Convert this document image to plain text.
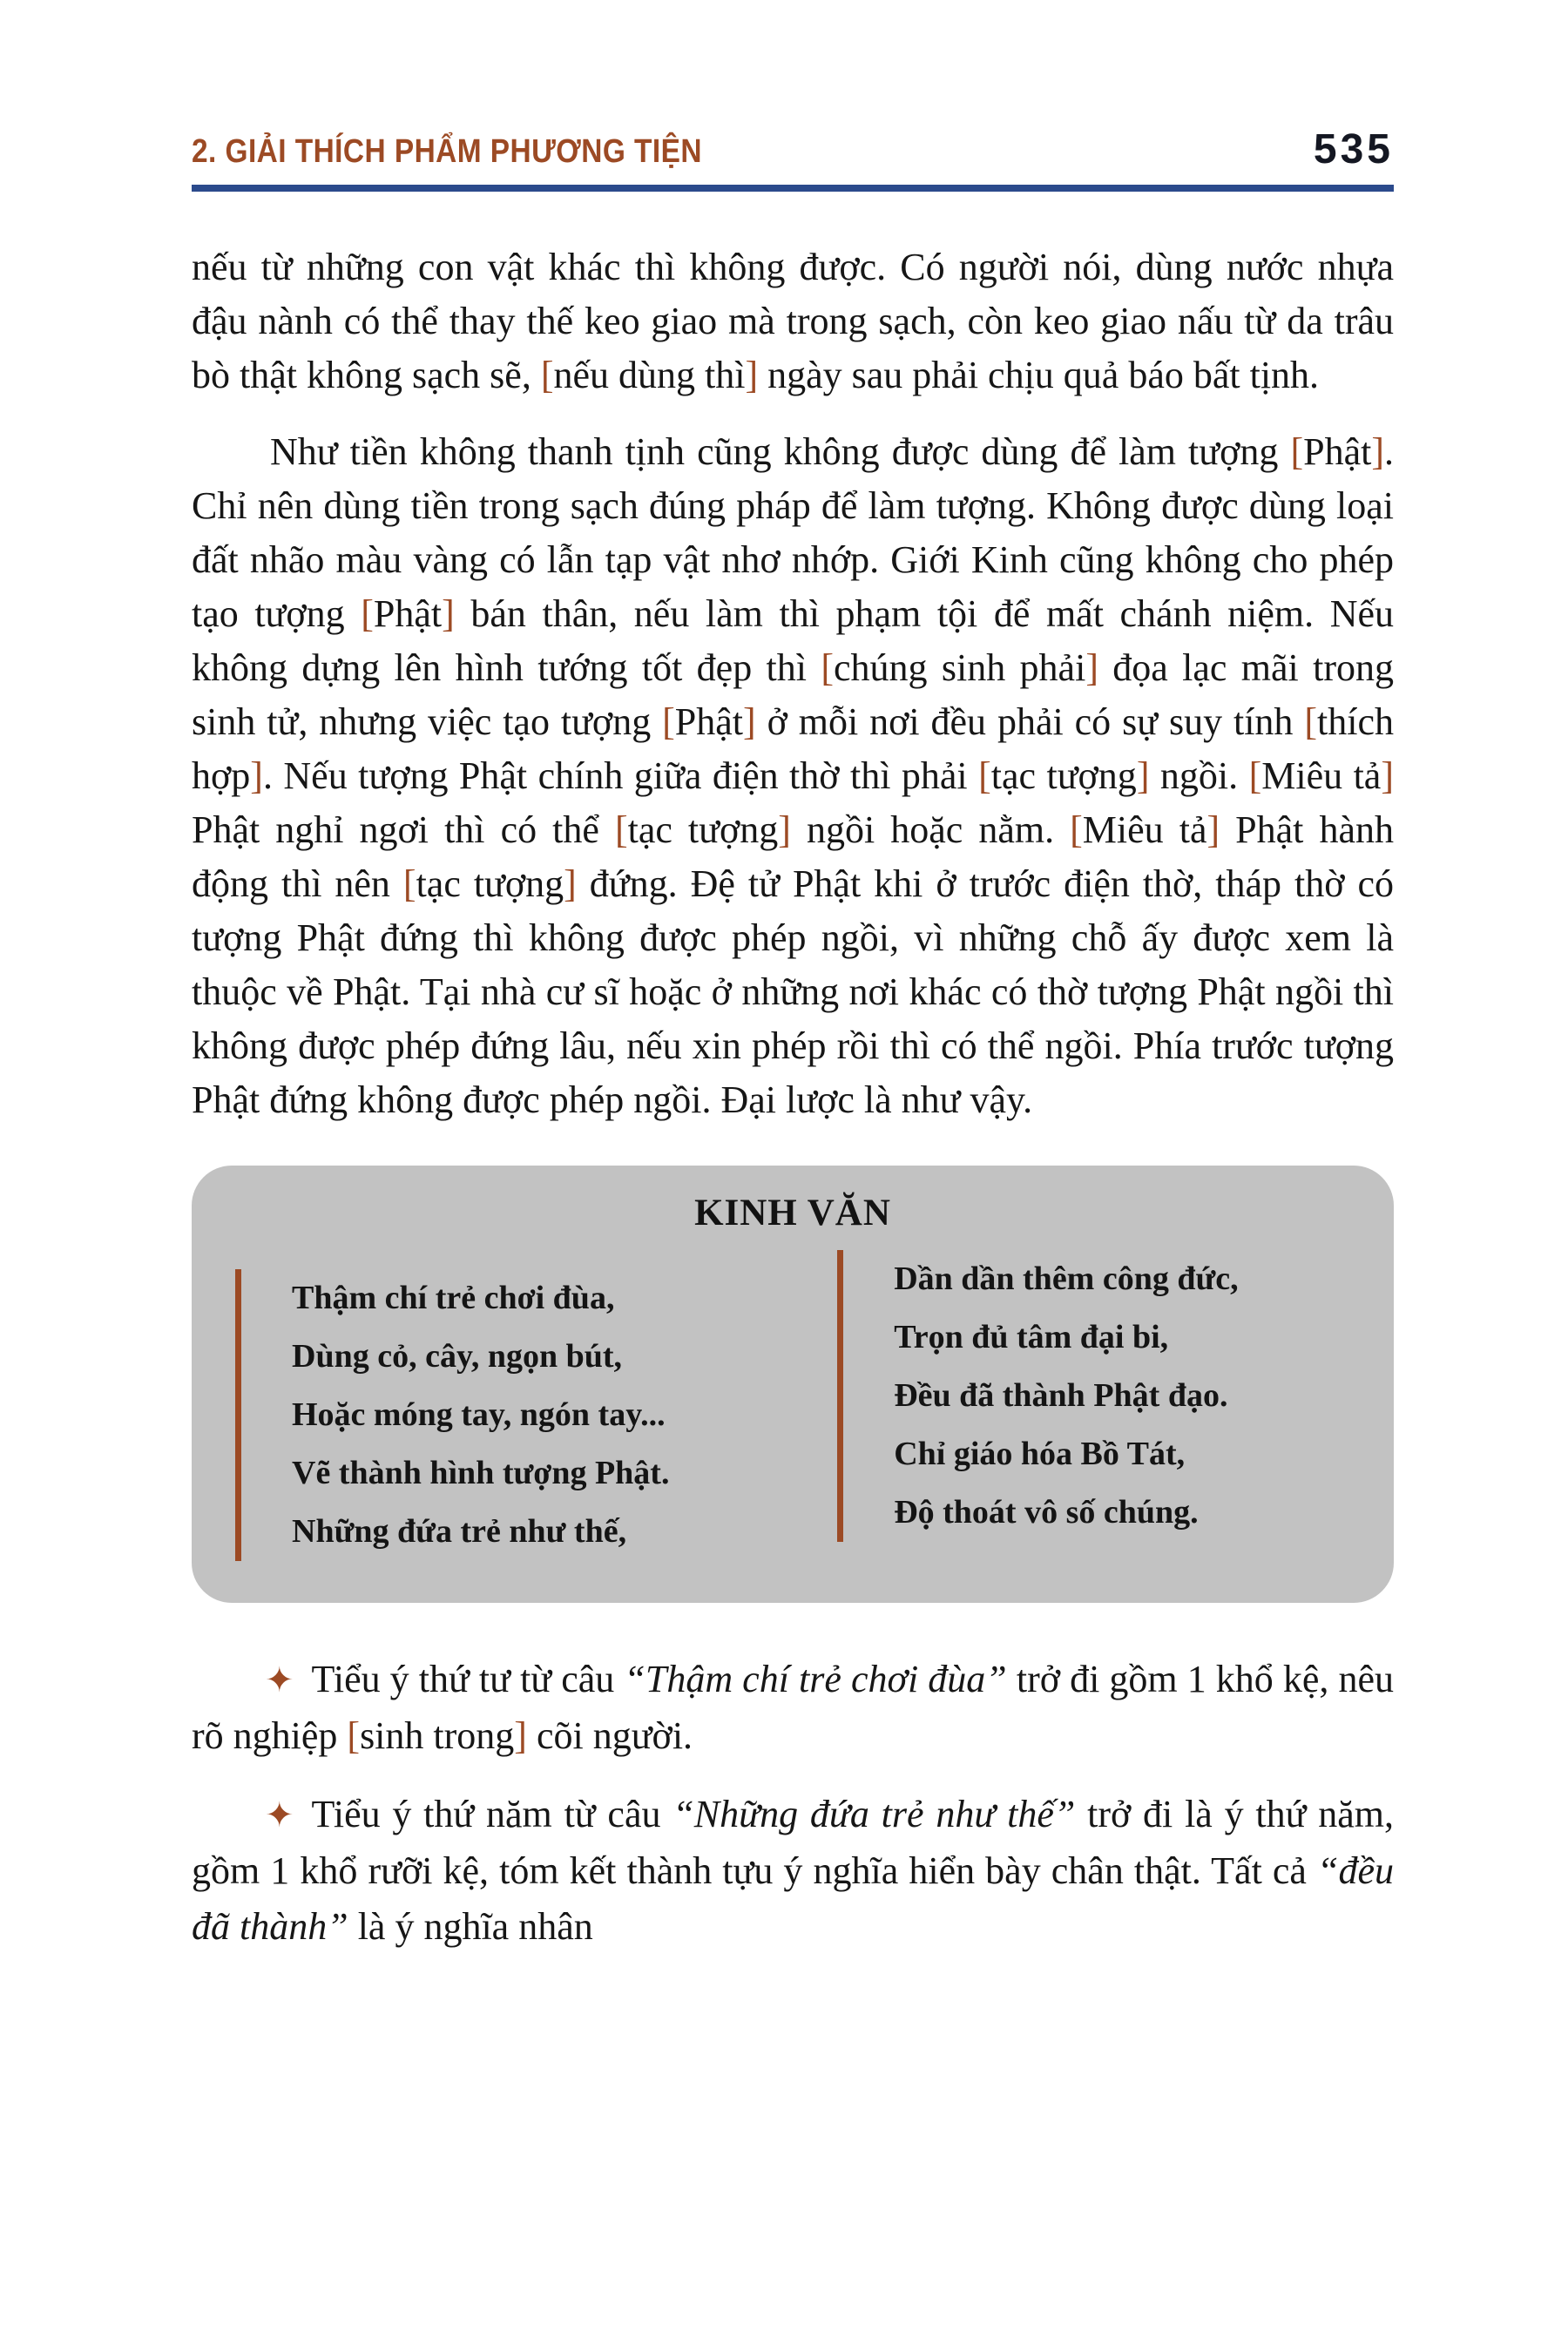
2. GIẢI THÍCH PHẨM PHƯƠNG TIỆN	535

nếu từ những con vật khác thì không được. Có người nói, dùng nước nhựa đậu nành có thể thay thế keo giao mà trong sạch, còn keo giao nấu từ da trâu bò thật không sạch sẽ, [nếu dùng thì] ngày sau phải chịu quả báo bất tịnh.

Như tiền không thanh tịnh cũng không được dùng để làm tượng [Phật]. Chỉ nên dùng tiền trong sạch đúng pháp để làm tượng. Không được dùng loại đất nhão màu vàng có lẫn tạp vật nhơ nhớp. Giới Kinh cũng không cho phép tạo tượng [Phật] bán thân, nếu làm thì phạm tội để mất chánh niệm. Nếu không dựng lên hình tướng tốt đẹp thì [chúng sinh phải] đọa lạc mãi trong sinh tử, nhưng việc tạo tượng [Phật] ở mỗi nơi đều phải có sự suy tính [thích hợp]. Nếu tượng Phật chính giữa điện thờ thì phải [tạc tượng] ngồi. [Miêu tả] Phật nghỉ ngơi thì có thể [tạc tượng] ngồi hoặc nằm. [Miêu tả] Phật hành động thì nên [tạc tượng] đứng. Đệ tử Phật khi ở trước điện thờ, tháp thờ có tượng Phật đứng thì không được phép ngồi, vì những chỗ ấy được xem là thuộc về Phật. Tại nhà cư sĩ hoặc ở những nơi khác có thờ tượng Phật ngồi thì không được phép đứng lâu, nếu xin phép rồi thì có thể ngồi. Phía trước tượng Phật đứng không được phép ngồi. Đại lược là như vậy.

KINH VĂN
Thậm chí trẻ chơi đùa,
Dùng cỏ, cây, ngọn bút,
Hoặc móng tay, ngón tay...
Vẽ thành hình tượng Phật.
Những đứa trẻ như thế,
Dần dần thêm công đức,
Trọn đủ tâm đại bi,
Đều đã thành Phật đạo.
Chỉ giáo hóa Bồ Tát,
Độ thoát vô số chúng.

✦ Tiểu ý thứ tư từ câu “Thậm chí trẻ chơi đùa” trở đi gồm 1 khổ kệ, nêu rõ nghiệp [sinh trong] cõi người.

✦ Tiểu ý thứ năm từ câu “Những đứa trẻ như thế” trở đi là ý thứ năm, gồm 1 khổ rưỡi kệ, tóm kết thành tựu ý nghĩa hiển bày chân thật. Tất cả “đều đã thành” là ý nghĩa nhân
